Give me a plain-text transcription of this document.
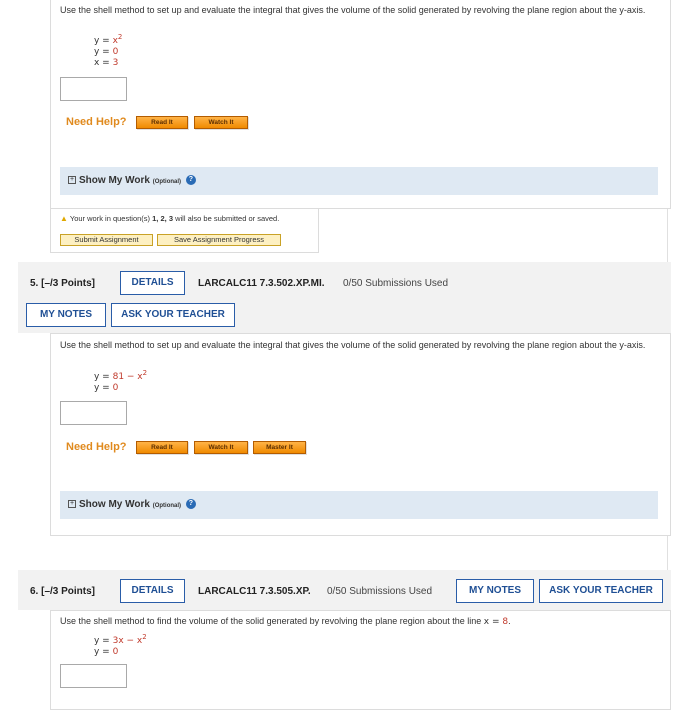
Use the shell method to set up and evaluate the integral that gives the volume of the solid generated by revolving the plane region about the y-axis.
$y = x^2$
y = 0
x = 3
Need Help?	Read It	Watch It
+ Show My Work (Optional) ?
▲ Your work in question(s) 1, 2, 3 will also be submitted or saved.
Submit Assignment	Save Assignment Progress
5. [–/3 Points]	DETAILS	LARCALC11 7.3.502.XP.MI. 0/50 Submissions Used
MY NOTES	ASK YOUR TEACHER
Use the shell method to set up and evaluate the integral that gives the volume of the solid generated by revolving the plane region about the y-axis.
$y = 81 - x^2$
y = 0
Need Help?	Read It	Watch It	Master It
+ Show My Work (Optional) ?
6. [–/3 Points]	DETAILS	LARCALC11 7.3.505.XP. 0/50 Submissions Used	MY NOTES	ASK YOUR TEACHER
Use the shell method to find the volume of the solid generated by revolving the plane region about the line x = 8.
$y = 3x - x^2$
y = 0
